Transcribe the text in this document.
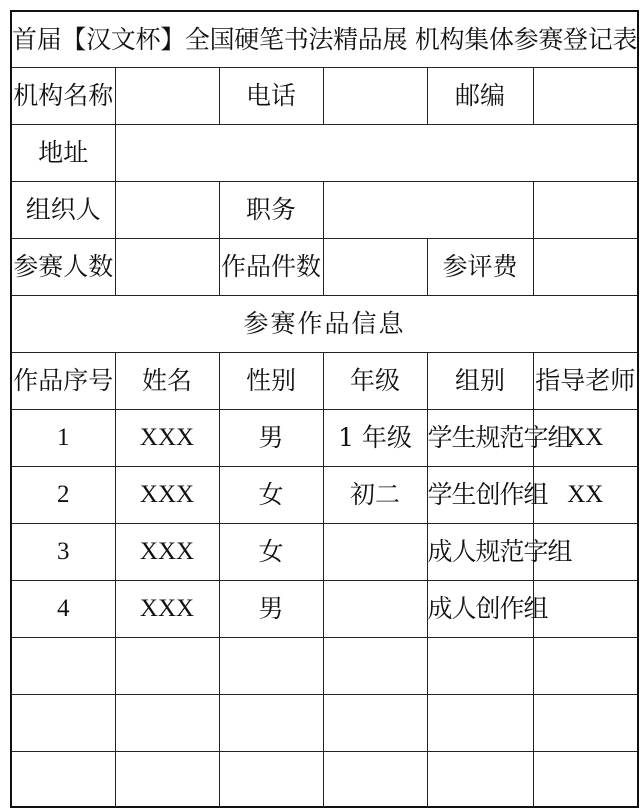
首届【汉文杯】全国硬笔书法精品展 机构集体参赛登记表					
机构名称		电话		邮编	
地址					
组织人		职务			
参赛人数		作品件数		参评费	
参赛作品信息					
作品序号	姓名	性别	年级	组别	指导老师
1	XXX	男	1 年级	学生规范字组	XX
2	XXX	女	初二	学生创作组	XX
3	XXX	女		成人规范字组	
4	XXX	男		成人创作组	
